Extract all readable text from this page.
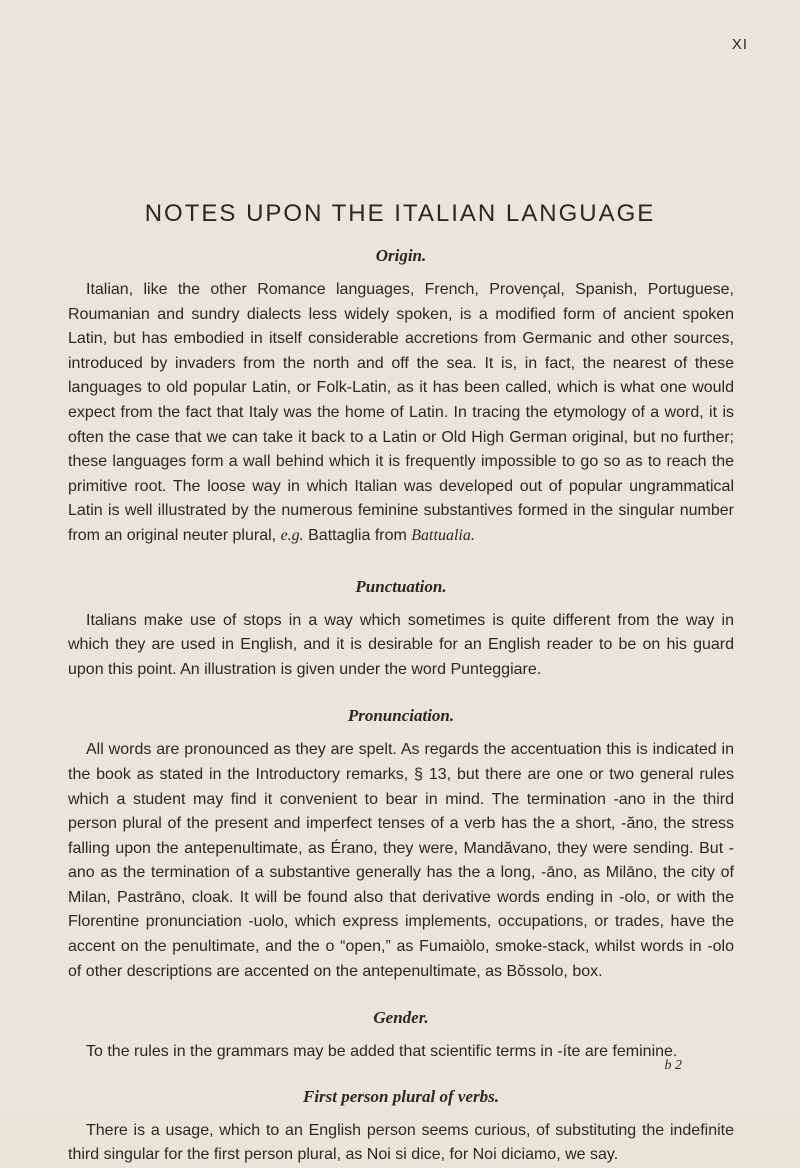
XI
NOTES UPON THE ITALIAN LANGUAGE
Origin.

Italian, like the other Romance languages, French, Provençal, Spanish, Portuguese, Roumanian and sundry dialects less widely spoken, is a modified form of ancient spoken Latin, but has embodied in itself considerable accretions from Germanic and other sources, introduced by invaders from the north and off the sea. It is, in fact, the nearest of these languages to old popular Latin, or Folk-Latin, as it has been called, which is what one would expect from the fact that Italy was the home of Latin. In tracing the etymology of a word, it is often the case that we can take it back to a Latin or Old High German original, but no further; these languages form a wall behind which it is frequently impossible to go so as to reach the primitive root. The loose way in which Italian was developed out of popular ungrammatical Latin is well illustrated by the numerous feminine substantives formed in the singular number from an original neuter plural, e.g. Battaglia from Battualia.

Punctuation.

Italians make use of stops in a way which sometimes is quite different from the way in which they are used in English, and it is desirable for an English reader to be on his guard upon this point. An illustration is given under the word Punteggiare.

Pronunciation.

All words are pronounced as they are spelt. As regards the accentuation this is indicated in the book as stated in the Introductory remarks, § 13, but there are one or two general rules which a student may find it convenient to bear in mind. The termination -ano in the third person plural of the present and imperfect tenses of a verb has the a short, -ăno, the stress falling upon the antepenultimate, as Érano, they were, Mandăvano, they were sending. But -ano as the termination of a substantive generally has the a long, -āno, as Milāno, the city of Milan, Pastrāno, cloak. It will be found also that derivative words ending in -olo, or with the Florentine pronunciation -uolo, which express implements, occupations, or trades, have the accent on the penultimate, and the o “open,” as Fumaiòlo, smoke-stack, whilst words in -olo of other descriptions are accented on the antepenultimate, as Bŏssolo, box.

Gender.

To the rules in the grammars may be added that scientific terms in -íte are feminine.

First person plural of verbs.

There is a usage, which to an English person seems curious, of substituting the indefinite third singular for the first person plural, as Noi si dice, for Noi diciamo, we say.

b 2
